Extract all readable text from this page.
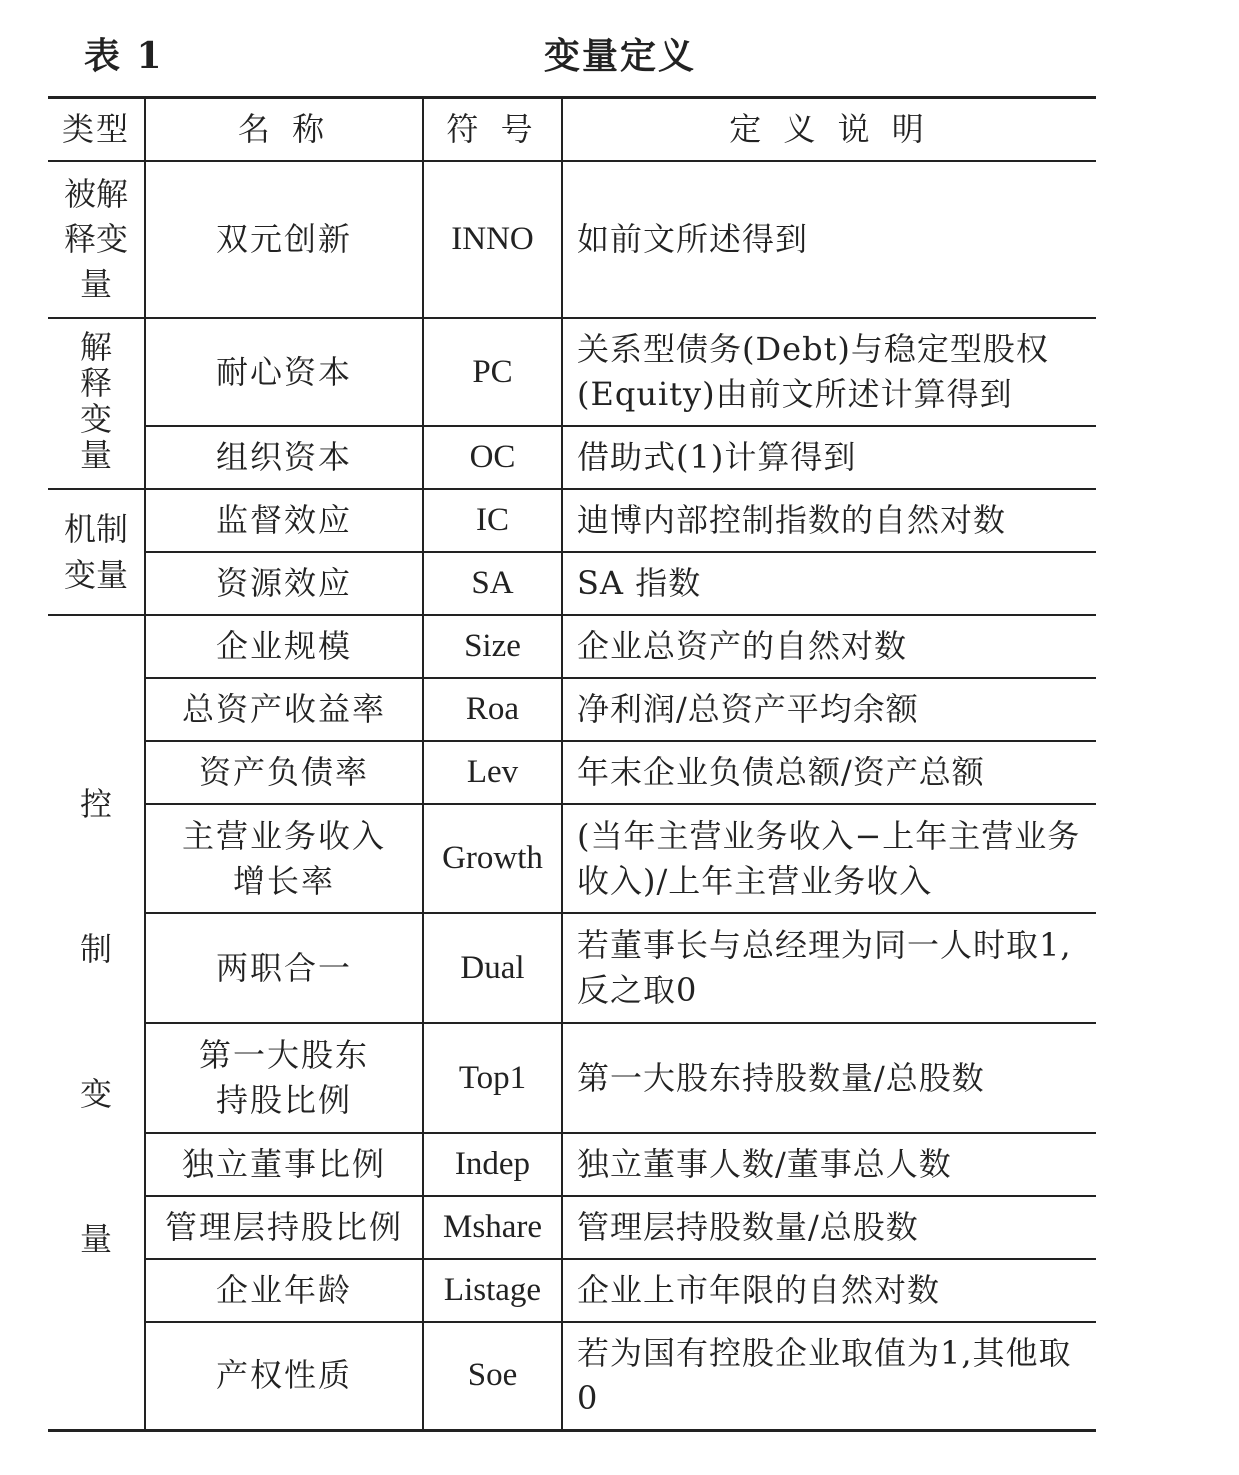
表 1	变量定义
类型	名 称	符 号	定 义 说 明
被解释变量	双元创新	INNO	如前文所述得到
解释变量	耐心资本	PC	关系型债务(Debt)与稳定型股权(Equity)由前文所述计算得到
	组织资本	OC	借助式(1)计算得到
机制变量	监督效应	IC	迪博内部控制指数的自然对数
	资源效应	SA	SA 指数
控制变量	企业规模	Size	企业总资产的自然对数
	总资产收益率	Roa	净利润/总资产平均余额
	资产负债率	Lev	年末企业负债总额/资产总额
	主营业务收入增长率	Growth	(当年主营业务收入−上年主营业务收入)/上年主营业务收入
	两职合一	Dual	若董事长与总经理为同一人时取1,反之取0
	第一大股东持股比例	Top1	第一大股东持股数量/总股数
	独立董事比例	Indep	独立董事人数/董事总人数
	管理层持股比例	Mshare	管理层持股数量/总股数
	企业年龄	Listage	企业上市年限的自然对数
	产权性质	Soe	若为国有控股企业取值为1,其他取0
